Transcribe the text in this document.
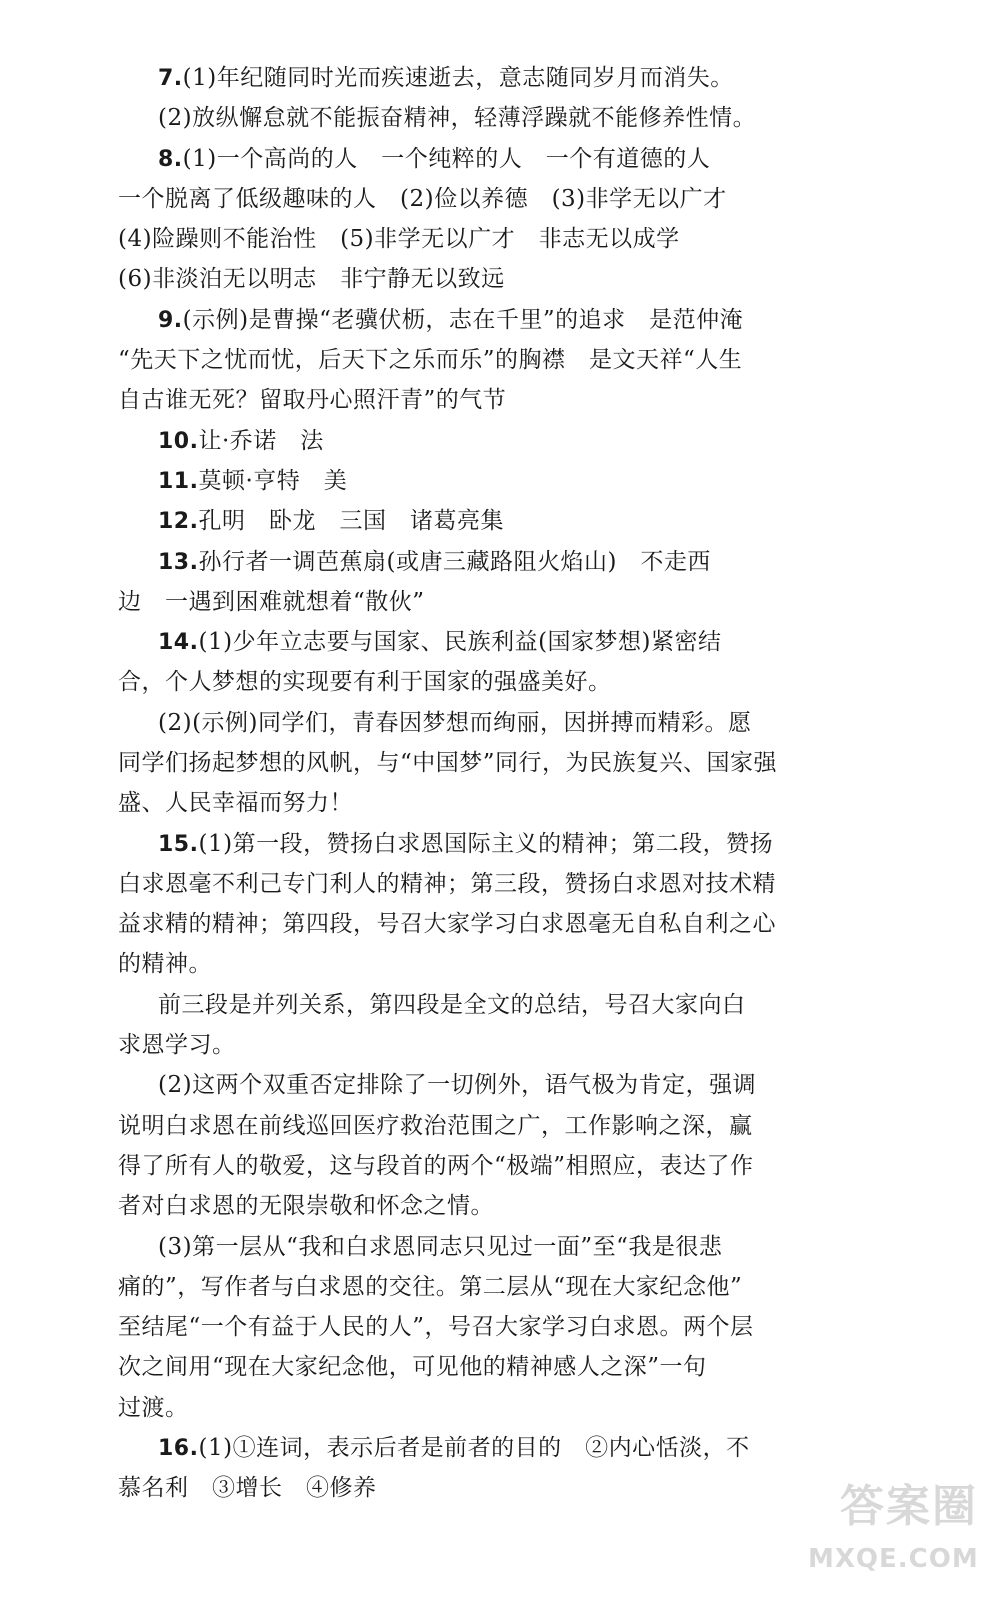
7.(1)年纪随同时光而疾速逝去，意志随同岁月而消失。
(2)放纵懈怠就不能振奋精神，轻薄浮躁就不能修养性情。
8.(1)一个高尚的人　一个纯粹的人　一个有道德的人
一个脱离了低级趣味的人　(2)俭以养德　(3)非学无以广才
(4)险躁则不能治性　(5)非学无以广才　非志无以成学
(6)非淡泊无以明志　非宁静无以致远
9.(示例)是曹操“老骥伏枥，志在千里”的追求　是范仲淹
“先天下之忧而忧，后天下之乐而乐”的胸襟　是文天祥“人生
自古谁无死？留取丹心照汗青”的气节
10.让·乔诺　法
11.莫顿·亨特　美
12.孔明　卧龙　三国　诸葛亮集
13.孙行者一调芭蕉扇(或唐三藏路阻火焰山)　不走西
边　一遇到困难就想着“散伙”
14.(1)少年立志要与国家、民族利益(国家梦想)紧密结
合，个人梦想的实现要有利于国家的强盛美好。
(2)(示例)同学们，青春因梦想而绚丽，因拼搏而精彩。愿
同学们扬起梦想的风帆，与“中国梦”同行，为民族复兴、国家强
盛、人民幸福而努力！
15.(1)第一段，赞扬白求恩国际主义的精神；第二段，赞扬
白求恩毫不利己专门利人的精神；第三段，赞扬白求恩对技术精
益求精的精神；第四段，号召大家学习白求恩毫无自私自利之心
的精神。
前三段是并列关系，第四段是全文的总结，号召大家向白
求恩学习。
(2)这两个双重否定排除了一切例外，语气极为肯定，强调
说明白求恩在前线巡回医疗救治范围之广，工作影响之深，赢
得了所有人的敬爱，这与段首的两个“极端”相照应，表达了作
者对白求恩的无限崇敬和怀念之情。
(3)第一层从“我和白求恩同志只见过一面”至“我是很悲
痛的”，写作者与白求恩的交往。第二层从“现在大家纪念他”
至结尾“一个有益于人民的人”，号召大家学习白求恩。两个层
次之间用“现在大家纪念他，可见他的精神感人之深”一句
过渡。
16.(1)①连词，表示后者是前者的目的　②内心恬淡，不
慕名利　③增长　④修养	答案圈
MXQE.COM
